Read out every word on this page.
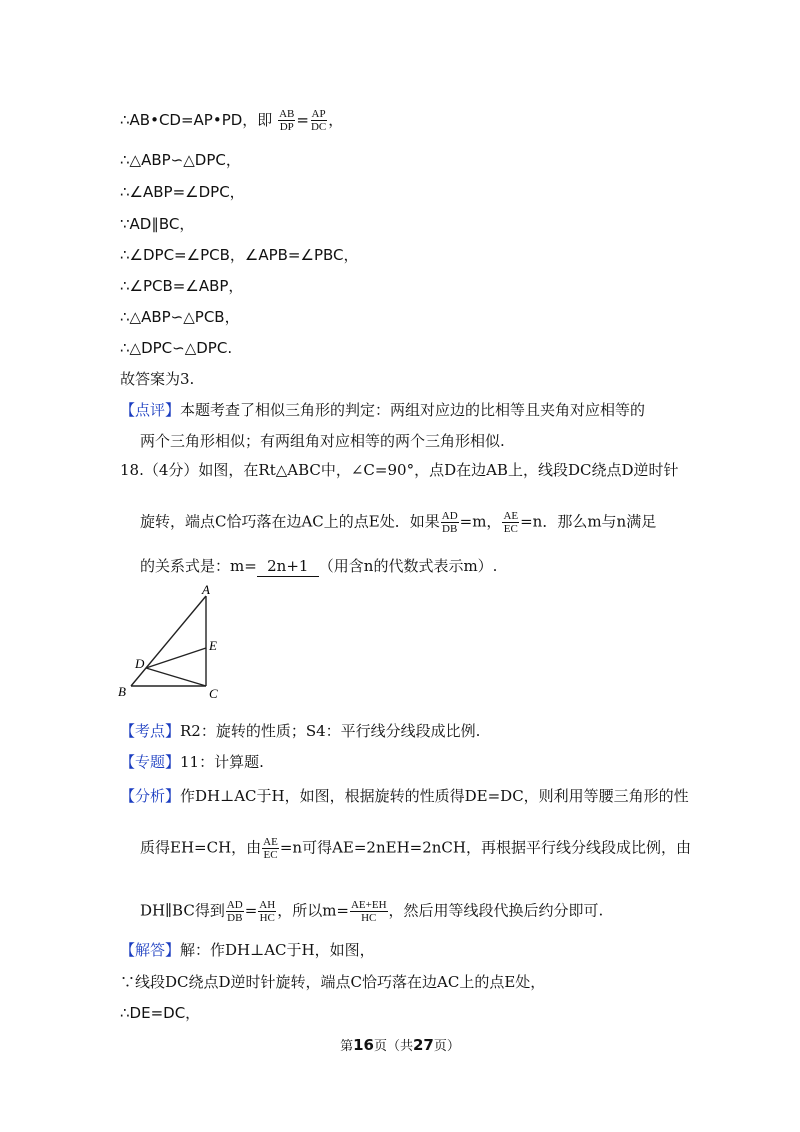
∴AB•CD=AP•PD，即 $\frac{AB}{DP} = \frac{AP}{DC}$ ，
∴△ABP∽△DPC，
∴∠ABP=∠DPC，
∵AD∥BC，
∴∠DPC=∠PCB，∠APB=∠PBC，
∴∠PCB=∠ABP，
∴△ABP∽△PCB，
∴△DPC∽△DPC.
故答案为3.
【点评】本题考查了相似三角形的判定：两组对应边的比相等且夹角对应相等的
两个三角形相似；有两组角对应相等的两个三角形相似.
18.（4分）如图，在Rt△ABC中，∠C=90°，点D在边AB上，线段DC绕点D逆时针
旋转，端点C恰巧落在边AC上的点E处．如果 $\frac{AD}{DB} =m$， $\frac{AE}{EC} =n$．那么m与n满足
的关系式是：m= 2n+1 （用含n的代数式表示m）.
A
B	C
D
E
【考点】R2：旋转的性质；S4：平行线分线段成比例.
【专题】11：计算题.
【分析】作DH⊥AC于H，如图，根据旋转的性质得DE=DC，则利用等腰三角形的性
质得EH=CH，由 $\frac{AE}{EC} =n$可得AE=2nEH=2nCH，再根据平行线分线段成比例，由
DH∥BC得到 $\frac{AD}{DB} = \frac{AH}{HC}$ ，所以$m= \frac{AE+EH}{HC}$ ，然后用等线段代换后约分即可.
【解答】解：作DH⊥AC于H，如图，
∵线段DC绕点D逆时针旋转，端点C恰巧落在边AC上的点E处，
∴DE=DC，
第16页（共27页）
